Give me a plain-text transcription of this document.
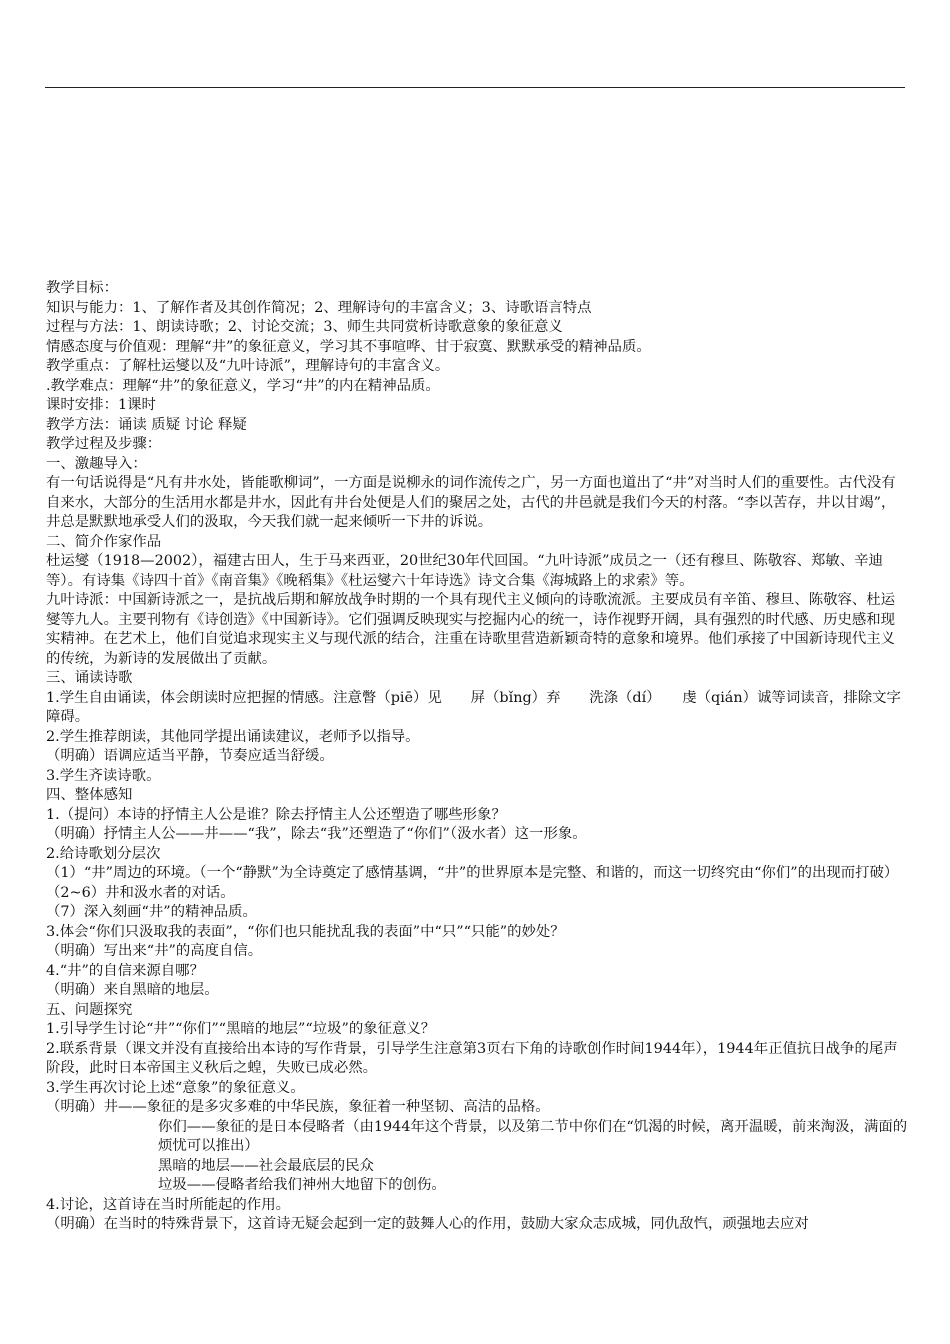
教学目标：

知识与能力：1、了解作者及其创作简况；2、理解诗句的丰富含义；3、诗歌语言特点

过程与方法：1、朗读诗歌；2、讨论交流；3、师生共同赏析诗歌意象的象征意义

情感态度与价值观：理解“井”的象征意义，学习其不事喧哗、甘于寂寞、默默承受的精神品质。

教学重点：了解杜运燮以及“九叶诗派”，理解诗句的丰富含义。

.教学难点：理解“井”的象征意义，学习“井”的内在精神品质。

课时安排：1课时

教学方法：诵读 质疑 讨论 释疑

教学过程及步骤：

一、激趣导入：

有一句话说得是“凡有井水处，皆能歌柳词”，一方面是说柳永的词作流传之广，另一方面也道出了“井”对当时人们的重要性。古代没有自来水，大部分的生活用水都是井水，因此有井台处便是人们的聚居之处，古代的井邑就是我们今天的村落。“李以苦存，井以甘竭”，井总是默默地承受人们的汲取，今天我们就一起来倾听一下井的诉说。

二、简介作家作品

杜运燮（1918—2002），福建古田人，生于马来西亚，20世纪30年代回国。“九叶诗派”成员之一（还有穆旦、陈敬容、郑敏、辛迪等）。有诗集《诗四十首》《南音集》《晚稻集》《杜运燮六十年诗选》诗文合集《海城路上的求索》等。

九叶诗派：中国新诗派之一，是抗战后期和解放战争时期的一个具有现代主义倾向的诗歌流派。主要成员有辛笛、穆旦、陈敬容、杜运燮等九人。主要刊物有《诗创造》《中国新诗》。它们强调反映现实与挖掘内心的统一，诗作视野开阔，具有强烈的时代感、历史感和现实精神。在艺术上，他们自觉追求现实主义与现代派的结合，注重在诗歌里营造新颖奇特的意象和境界。他们承接了中国新诗现代主义的传统，为新诗的发展做出了贡献。

三、诵读诗歌

1.学生自由诵读，体会朗读时应把握的情感。注意瞥（piē）见　　屏（bǐng）弃　　洗涤（dí）　　虔（qián）诚等词读音，排除文字障碍。

2.学生推荐朗读，其他同学提出诵读建议，老师予以指导。

（明确）语调应适当平静，节奏应适当舒缓。

3.学生齐读诗歌。

四、整体感知

1.（提问）本诗的抒情主人公是谁？除去抒情主人公还塑造了哪些形象？

（明确）抒情主人公——井——“我”，除去“我”还塑造了“你们”（汲水者）这一形象。

2.给诗歌划分层次

（1）“井”周边的环境。（一个“静默”为全诗奠定了感情基调，“井”的世界原本是完整、和谐的，而这一切终究由“你们”的出现而打破）

（2~6）井和汲水者的对话。

（7）深入刻画“井”的精神品质。

3.体会“你们只汲取我的表面”，“你们也只能扰乱我的表面”中“只”“只能”的妙处？

（明确）写出来“井”的高度自信。

4.“井”的自信来源自哪？

（明确）来自黑暗的地层。

五、问题探究

1.引导学生讨论“井”“你们”“黑暗的地层”“垃圾”的象征意义？

2.联系背景（课文并没有直接给出本诗的写作背景，引导学生注意第3页右下角的诗歌创作时间1944年），1944年正值抗日战争的尾声阶段，此时日本帝国主义秋后之蝗，失败已成必然。

3.学生再次讨论上述“意象”的象征意义。

（明确）井——象征的是多灾多难的中华民族，象征着一种坚韧、高洁的品格。

你们——象征的是日本侵略者（由1944年这个背景，以及第二节中你们在“饥渴的时候，离开温暖，前来淘汲，满面的烦忧可以推出）

黑暗的地层——社会最底层的民众

垃圾——侵略者给我们神州大地留下的创伤。

4.讨论，这首诗在当时所能起的作用。

（明确）在当时的特殊背景下，这首诗无疑会起到一定的鼓舞人心的作用，鼓励大家众志成城，同仇敌忾，顽强地去应对
